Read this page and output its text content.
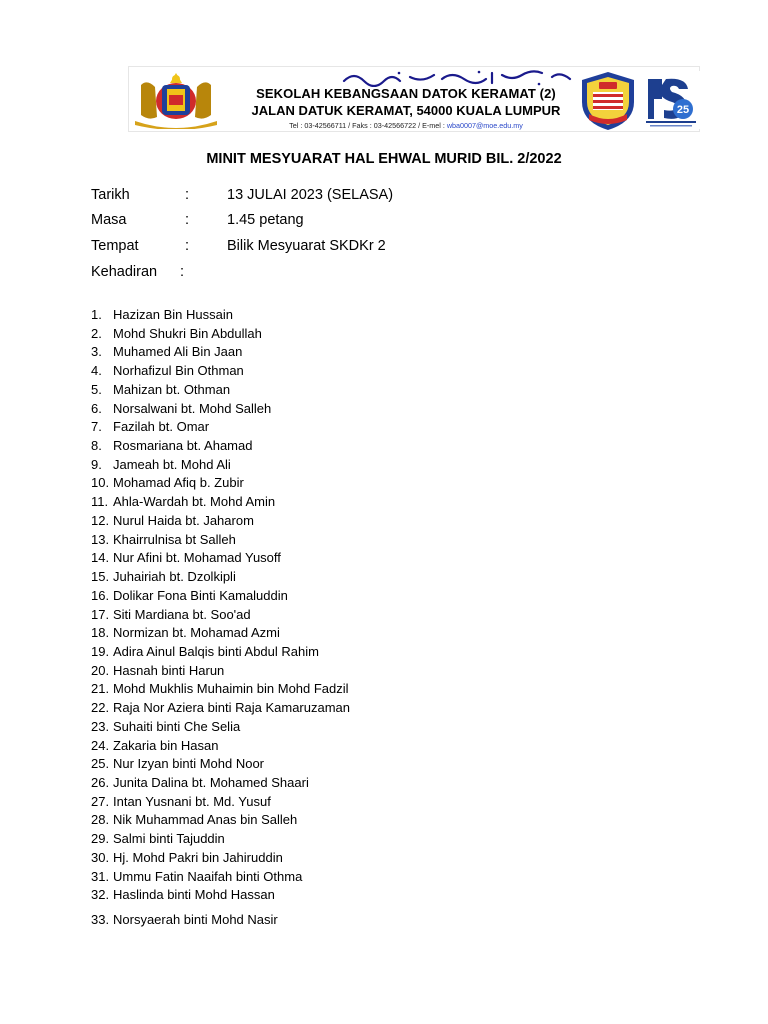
SEKOLAH KEBANGSAAN DATOK KERAMAT (2)
JALAN DATUK KERAMAT, 54000 KUALA LUMPUR
Tel : 03-42566711 / Faks : 03-42566722 / E-mel : wba0007@moe.edu.my
25
MINIT MESYUARAT HAL EHWAL MURID BIL. 2/2022
Tarikh	:	13 JULAI 2023 (SELASA)
Masa	:	1.45 petang
Tempat	:	Bilik Mesyuarat SKDKr 2
Kehadiran :
1. Hazizan Bin Hussain
2. Mohd Shukri Bin Abdullah
3. Muhamed Ali Bin Jaan
4. Norhafizul Bin Othman
5. Mahizan bt. Othman
6. Norsalwani bt. Mohd Salleh
7. Fazilah bt. Omar
8. Rosmariana bt. Ahamad
9. Jameah bt. Mohd Ali
10. Mohamad Afiq b. Zubir
11. Ahla-Wardah bt. Mohd Amin
12. Nurul Haida bt. Jaharom
13. Khairrulnisa bt Salleh
14. Nur Afini bt. Mohamad Yusoff
15. Juhairiah bt. Dzolkipli
16. Dolikar Fona Binti Kamaluddin
17. Siti Mardiana bt. Soo'ad
18. Normizan bt. Mohamad Azmi
19. Adira Ainul Balqis binti Abdul Rahim
20. Hasnah binti Harun
21. Mohd Mukhlis Muhaimin bin Mohd Fadzil
22. Raja Nor Aziera binti Raja Kamaruzaman
23. Suhaiti binti Che Selia
24. Zakaria bin Hasan
25. Nur Izyan binti Mohd Noor
26. Junita Dalina bt. Mohamed Shaari
27. Intan Yusnani bt. Md. Yusuf
28. Nik Muhammad Anas bin Salleh
29. Salmi binti Tajuddin
30. Hj. Mohd Pakri bin Jahiruddin
31. Ummu Fatin Naaifah binti Othma
32. Haslinda binti Mohd Hassan
33. Norsyaerah binti Mohd Nasir
